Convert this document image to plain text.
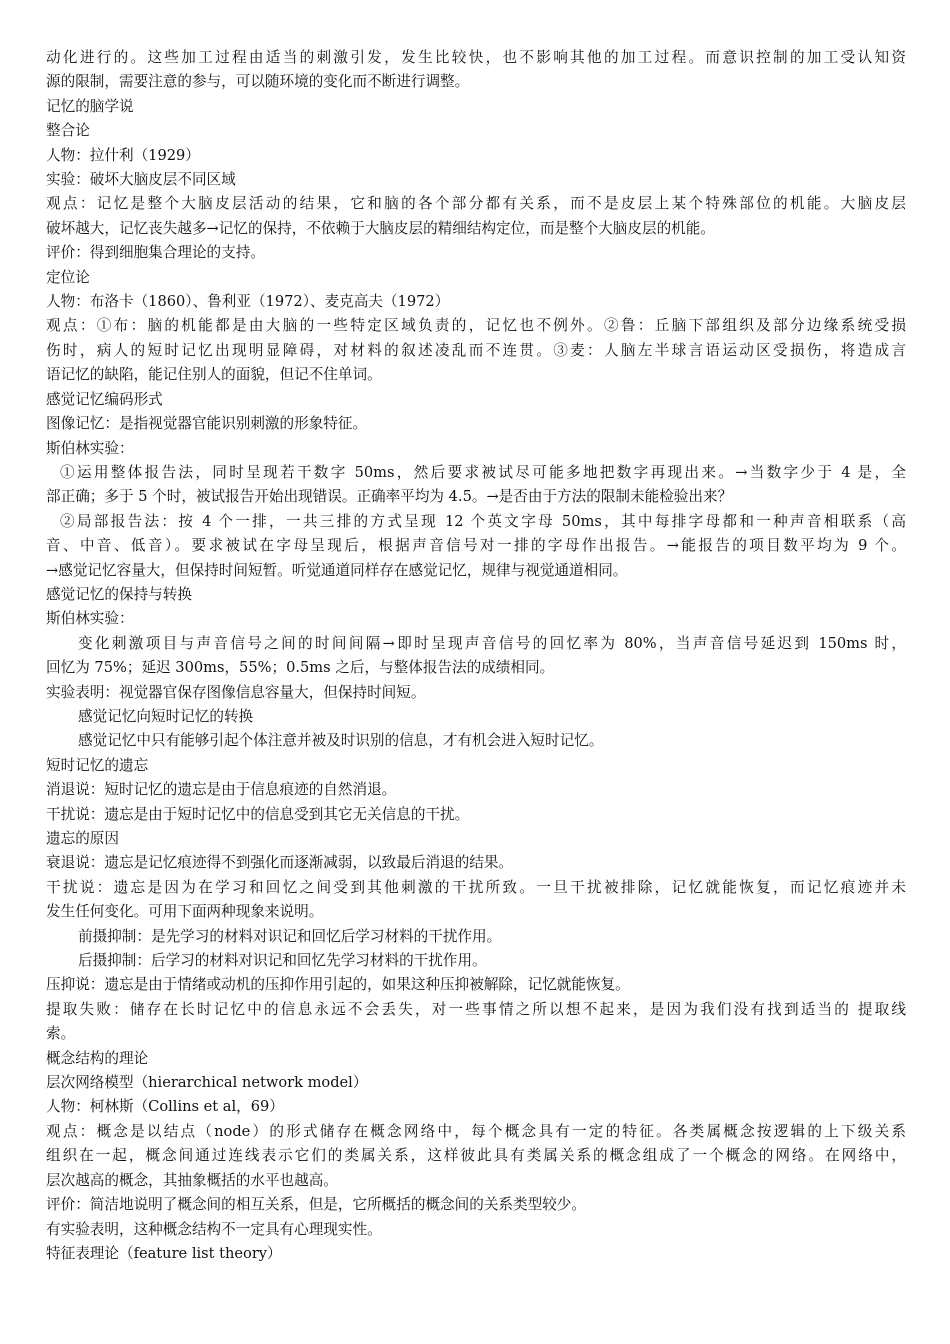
动化进行的。这些加工过程由适当的刺激引发，发生比较快，也不影响其他的加工过程。而意识控制的加工受认知资
源的限制，需要注意的参与，可以随环境的变化而不断进行调整。
记忆的脑学说
整合论
人物：拉什利（1929）
实验：破坏大脑皮层不同区域
观点：记忆是整个大脑皮层活动的结果，它和脑的各个部分都有关系，而不是皮层上某个特殊部位的机能。大脑皮层
破坏越大，记忆丧失越多→记忆的保持，不依赖于大脑皮层的精细结构定位，而是整个大脑皮层的机能。
评价：得到细胞集合理论的支持。
定位论
人物：布洛卡（1860）、鲁利亚（1972）、麦克高夫（1972）
观点：①布：脑的机能都是由大脑的一些特定区域负责的，记忆也不例外。②鲁：丘脑下部组织及部分边缘系统受损
伤时，病人的短时记忆出现明显障碍，对材料的叙述凌乱而不连贯。③麦：人脑左半球言语运动区受损伤，将造成言
语记忆的缺陷，能记住别人的面貌，但记不住单词。
感觉记忆编码形式
图像记忆：是指视觉器官能识别刺激的形象特征。
斯伯林实验：
①运用整体报告法，同时呈现若干数字 50ms，然后要求被试尽可能多地把数字再现出来。→当数字少于 4 是，全
部正确；多于 5 个时，被试报告开始出现错误。正确率平均为 4.5。→是否由于方法的限制未能检验出来？
②局部报告法：按 4 个一排，一共三排的方式呈现 12 个英文字母 50ms，其中每排字母都和一种声音相联系（高
音、中音、低音）。要求被试在字母呈现后，根据声音信号对一排的字母作出报告。→能报告的项目数平均为 9 个。
→感觉记忆容量大，但保持时间短暂。听觉通道同样存在感觉记忆，规律与视觉通道相同。
感觉记忆的保持与转换
斯伯林实验：
变化刺激项目与声音信号之间的时间间隔→即时呈现声音信号的回忆率为 80%，当声音信号延迟到 150ms 时，
回忆为 75%；延迟 300ms，55%；0.5ms 之后，与整体报告法的成绩相同。
实验表明：视觉器官保存图像信息容量大，但保持时间短。
感觉记忆向短时记忆的转换
感觉记忆中只有能够引起个体注意并被及时识别的信息，才有机会进入短时记忆。
短时记忆的遗忘
消退说：短时记忆的遗忘是由于信息痕迹的自然消退。
干扰说：遗忘是由于短时记忆中的信息受到其它无关信息的干扰。
遗忘的原因
衰退说：遗忘是记忆痕迹得不到强化而逐渐减弱，以致最后消退的结果。
干扰说：遗忘是因为在学习和回忆之间受到其他刺激的干扰所致。一旦干扰被排除，记忆就能恢复，而记忆痕迹并未
发生任何变化。可用下面两种现象来说明。
前摄抑制：是先学习的材料对识记和回忆后学习材料的干扰作用。
后摄抑制：后学习的材料对识记和回忆先学习材料的干扰作用。
压抑说：遗忘是由于情绪或动机的压抑作用引起的，如果这种压抑被解除，记忆就能恢复。
提取失败：储存在长时记忆中的信息永远不会丢失，对一些事情之所以想不起来，是因为我们没有找到适当的 提取线
索。
概念结构的理论
层次网络模型（hierarchical network model）
人物：柯林斯（Collins et al，69）
观点：概念是以结点（node）的形式储存在概念网络中，每个概念具有一定的特征。各类属概念按逻辑的上下级关系
组织在一起，概念间通过连线表示它们的类属关系，这样彼此具有类属关系的概念组成了一个概念的网络。在网络中，
层次越高的概念，其抽象概括的水平也越高。
评价：简洁地说明了概念间的相互关系，但是，它所概括的概念间的关系类型较少。
有实验表明，这种概念结构不一定具有心理现实性。
特征表理论（feature list theory）
